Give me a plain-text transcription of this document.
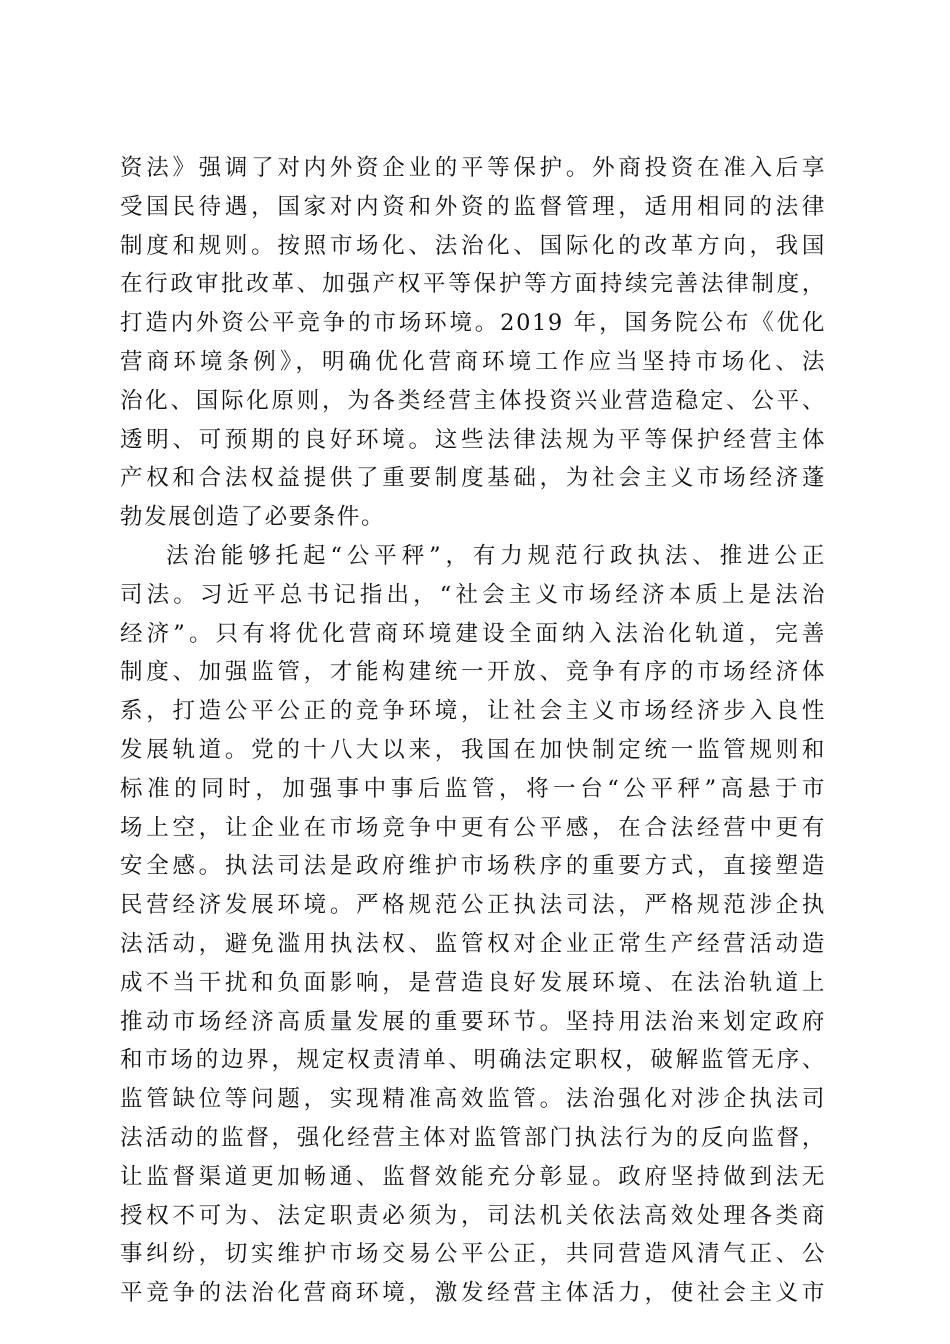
资法》强调了对内外资企业的平等保护。外商投资在准入后享
受国民待遇，国家对内资和外资的监督管理，适用相同的法律
制度和规则。按照市场化、法治化、国际化的改革方向，我国
在行政审批改革、加强产权平等保护等方面持续完善法律制度，
打造内外资公平竞争的市场环境。2019 年，国务院公布《优化
营商环境条例》，明确优化营商环境工作应当坚持市场化、法
治化、国际化原则，为各类经营主体投资兴业营造稳定、公平、
透明、可预期的良好环境。这些法律法规为平等保护经营主体
产权和合法权益提供了重要制度基础，为社会主义市场经济蓬
勃发展创造了必要条件。
法治能够托起“公平秤”，有力规范行政执法、推进公正
司法。习近平总书记指出，“社会主义市场经济本质上是法治
经济”。只有将优化营商环境建设全面纳入法治化轨道，完善
制度、加强监管，才能构建统一开放、竞争有序的市场经济体
系，打造公平公正的竞争环境，让社会主义市场经济步入良性
发展轨道。党的十八大以来，我国在加快制定统一监管规则和
标准的同时，加强事中事后监管，将一台“公平秤”高悬于市
场上空，让企业在市场竞争中更有公平感，在合法经营中更有
安全感。执法司法是政府维护市场秩序的重要方式，直接塑造
民营经济发展环境。严格规范公正执法司法，严格规范涉企执
法活动，避免滥用执法权、监管权对企业正常生产经营活动造
成不当干扰和负面影响，是营造良好发展环境、在法治轨道上
推动市场经济高质量发展的重要环节。坚持用法治来划定政府
和市场的边界，规定权责清单、明确法定职权，破解监管无序、
监管缺位等问题，实现精准高效监管。法治强化对涉企执法司
法活动的监督，强化经营主体对监管部门执法行为的反向监督，
让监督渠道更加畅通、监督效能充分彰显。政府坚持做到法无
授权不可为、法定职责必须为，司法机关依法高效处理各类商
事纠纷，切实维护市场交易公平公正，共同营造风清气正、公
平竞争的法治化营商环境，激发经营主体活力，使社会主义市
